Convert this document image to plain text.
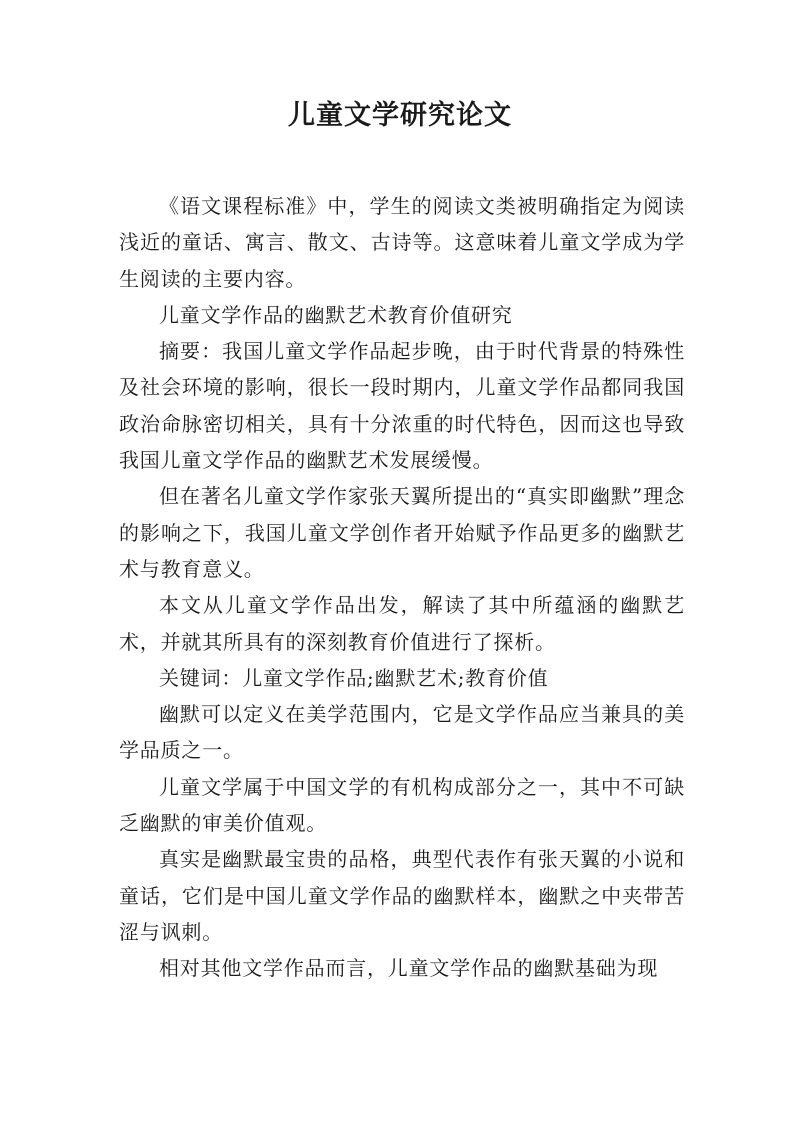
儿童文学研究论文

《语文课程标准》中，学生的阅读文类被明确指定为阅读浅近的童话、寓言、散文、古诗等。这意味着儿童文学成为学生阅读的主要内容。

儿童文学作品的幽默艺术教育价值研究

摘要：我国儿童文学作品起步晚，由于时代背景的特殊性及社会环境的影响，很长一段时期内，儿童文学作品都同我国政治命脉密切相关，具有十分浓重的时代特色，因而这也导致我国儿童文学作品的幽默艺术发展缓慢。

但在著名儿童文学作家张天翼所提出的“真实即幽默”理念的影响之下，我国儿童文学创作者开始赋予作品更多的幽默艺术与教育意义。

本文从儿童文学作品出发，解读了其中所蕴涵的幽默艺术，并就其所具有的深刻教育价值进行了探析。

关键词：儿童文学作品;幽默艺术;教育价值

幽默可以定义在美学范围内，它是文学作品应当兼具的美学品质之一。

儿童文学属于中国文学的有机构成部分之一，其中不可缺乏幽默的审美价值观。

真实是幽默最宝贵的品格，典型代表作有张天翼的小说和童话，它们是中国儿童文学作品的幽默样本，幽默之中夹带苦涩与讽刺。

相对其他文学作品而言，儿童文学作品的幽默基础为现
